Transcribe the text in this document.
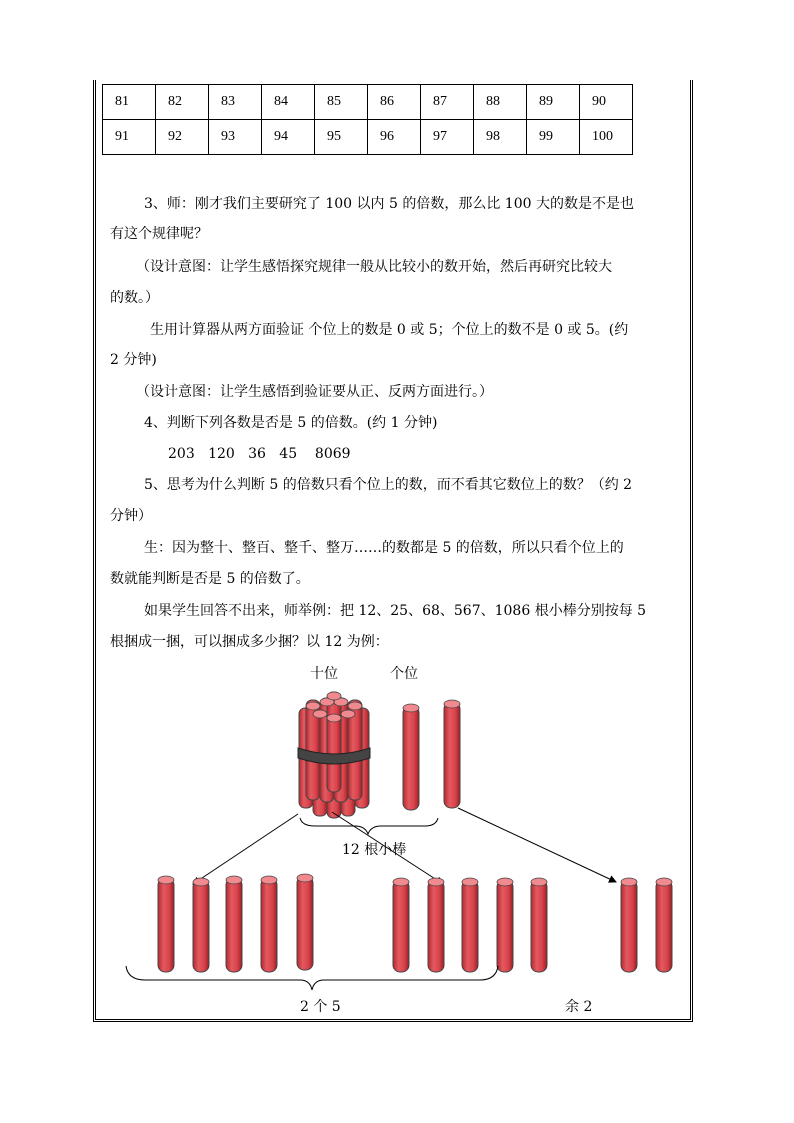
81	82	83	84	85	86	87	88	89	90
91	92	93	94	95	96	97	98	99	100
3、师：刚才我们主要研究了 100 以内 5 的倍数，那么比 100 大的数是不是也
有这个规律呢？
（设计意图：让学生感悟探究规律一般从比较小的数开始，然后再研究比较大
的数。）
生用计算器从两方面验证 个位上的数是 0 或 5；个位上的数不是 0 或 5。(约
2 分钟)
（设计意图：让学生感悟到验证要从正、反两方面进行。）
4、判断下列各数是否是 5 的倍数。(约 1 分钟)
203   120   36   45    8069
5、思考为什么判断 5 的倍数只看个位上的数，而不看其它数位上的数？（约 2
分钟）
生：因为整十、整百、整千、整万……的数都是 5 的倍数，所以只看个位上的
数就能判断是否是 5 的倍数了。
如果学生回答不出来，师举例：把 12、25、68、567、1086 根小棒分别按每 5
根捆成一捆，可以捆成多少捆？以 12 为例：
十位	个位
12 根小棒
2 个 5	余 2
